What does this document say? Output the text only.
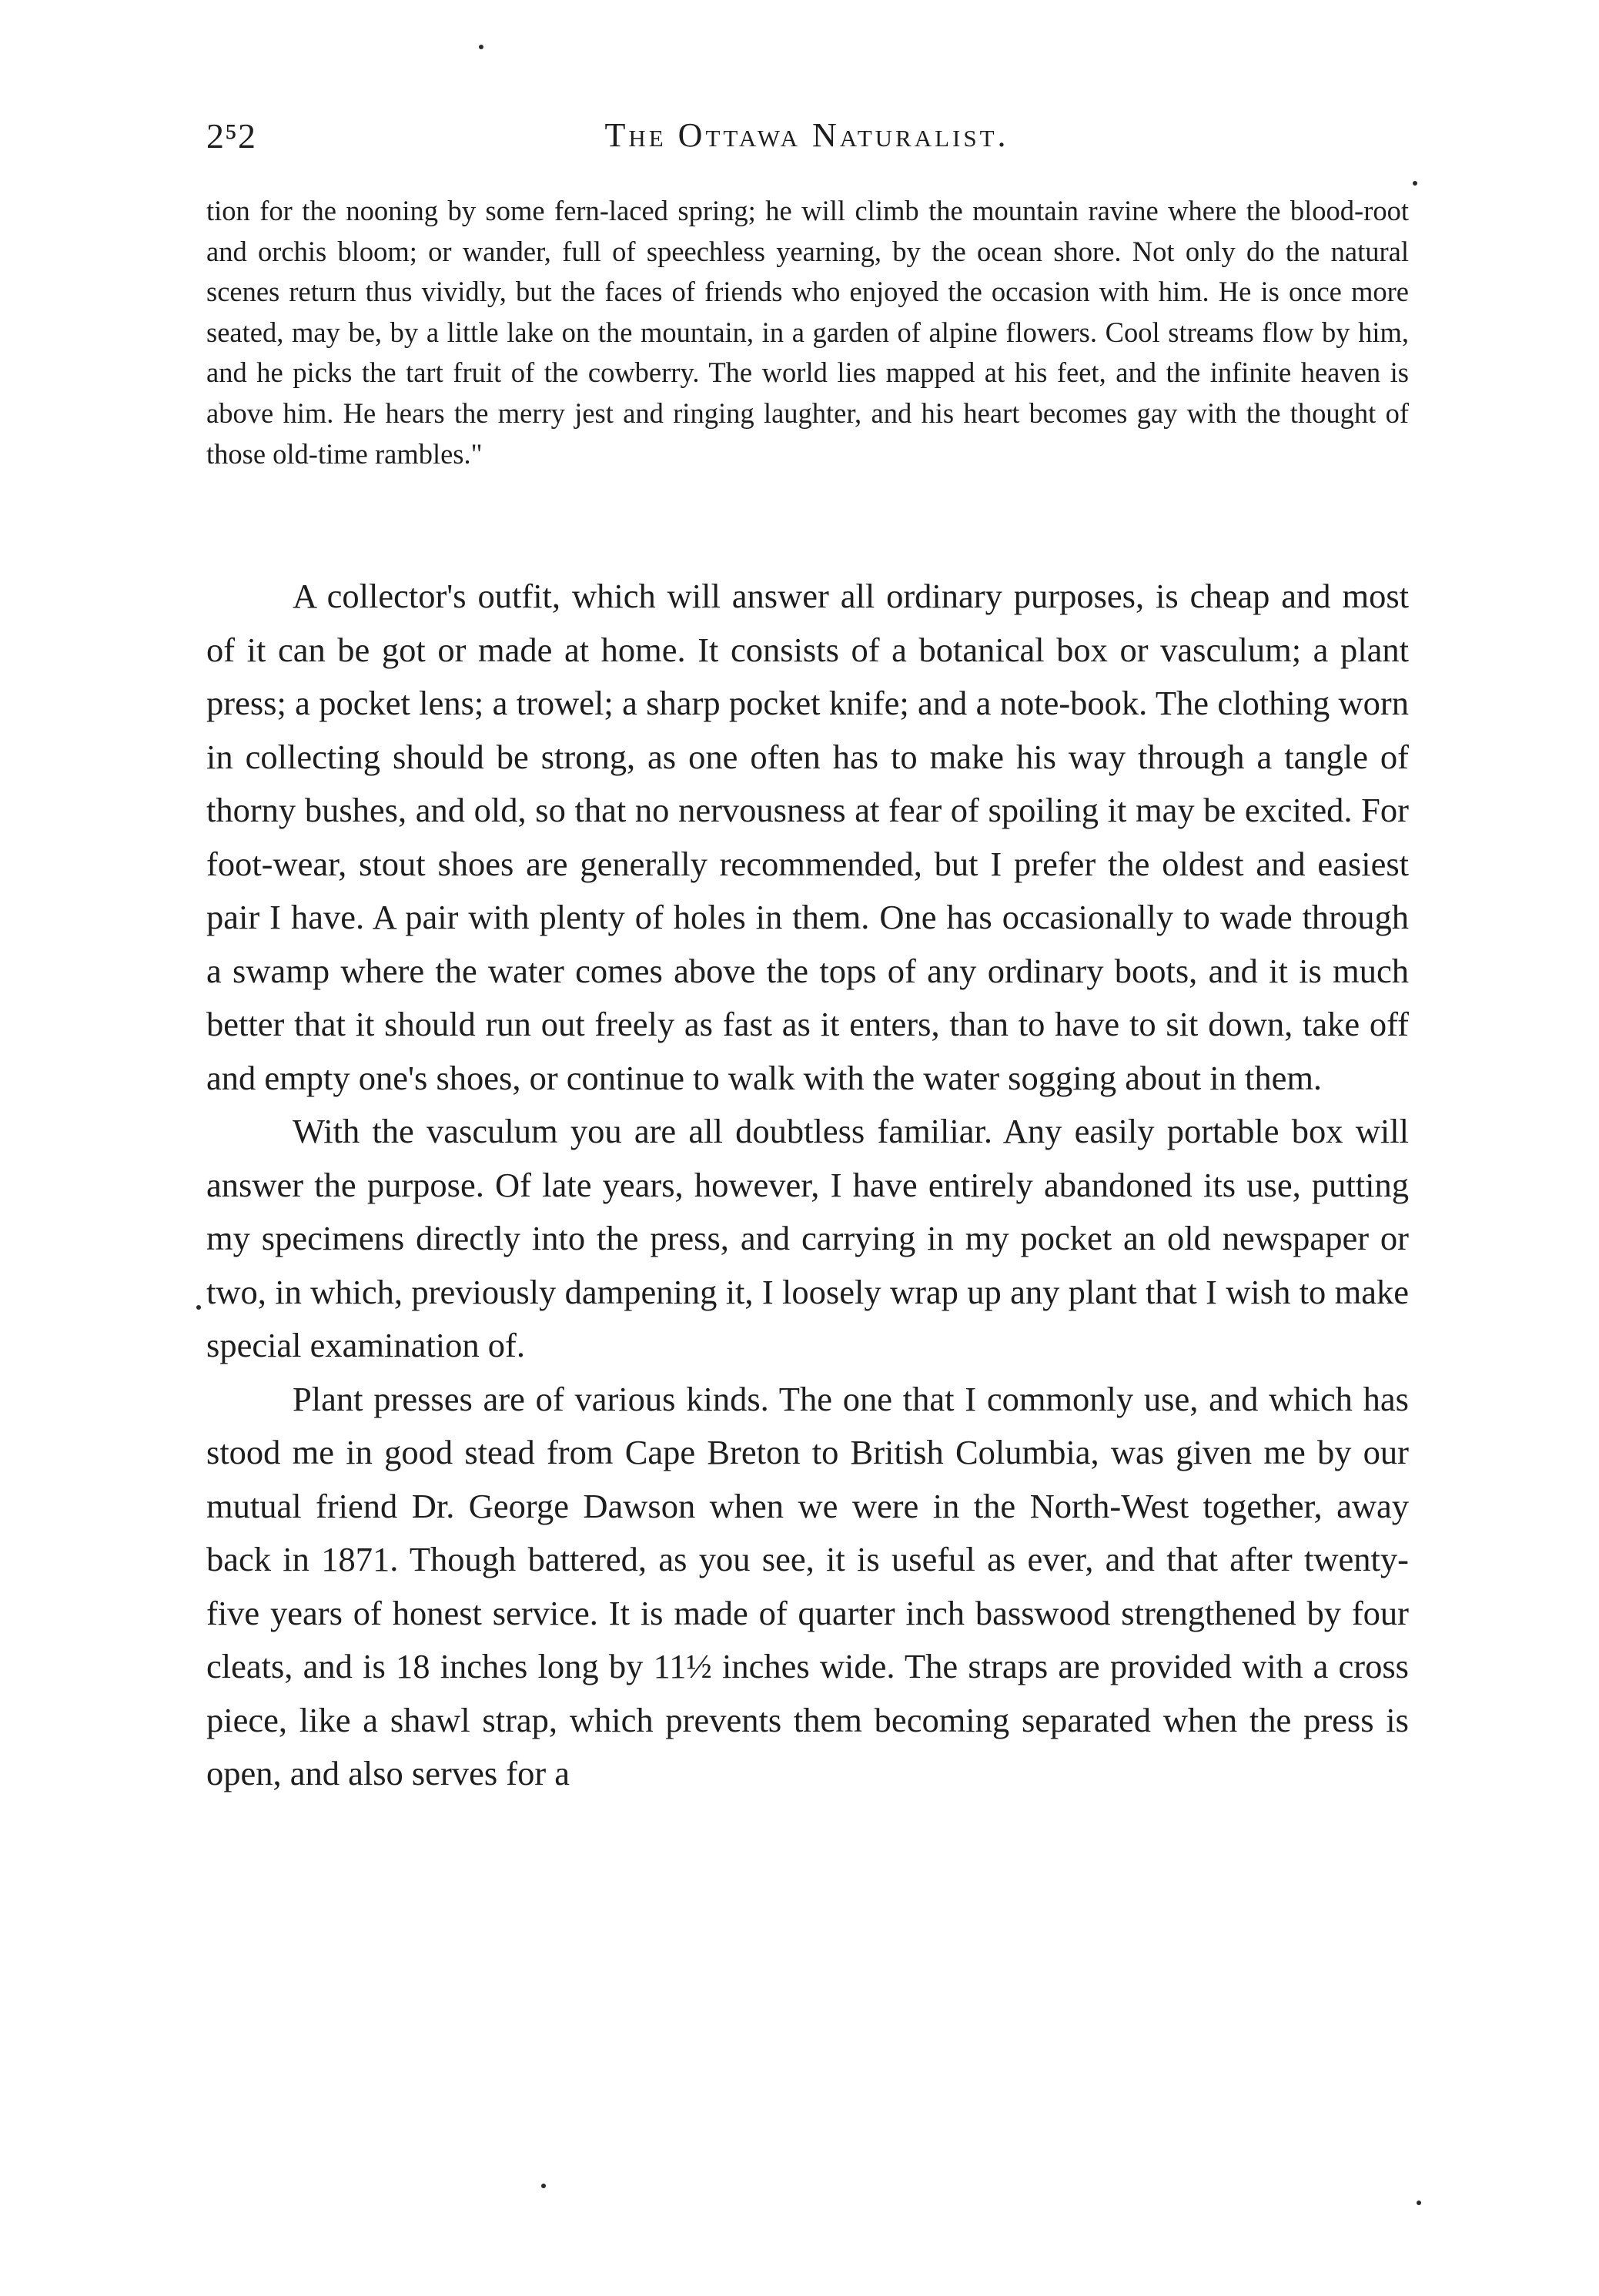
2⁵2	The Ottawa Naturalist.

tion for the nooning by some fern-laced spring; he will climb the mountain ravine where the blood-root and orchis bloom; or wander, full of speechless yearning, by the ocean shore. Not only do the natural scenes return thus vividly, but the faces of friends who enjoyed the occasion with him. He is once more seated, may be, by a little lake on the mountain, in a garden of alpine flowers. Cool streams flow by him, and he picks the tart fruit of the cowberry. The world lies mapped at his feet, and the infinite heaven is above him. He hears the merry jest and ringing laughter, and his heart becomes gay with the thought of those old-time rambles."

A collector's outfit, which will answer all ordinary purposes, is cheap and most of it can be got or made at home. It consists of a botanical box or vasculum; a plant press; a pocket lens; a trowel; a sharp pocket knife; and a note-book. The clothing worn in collecting should be strong, as one often has to make his way through a tangle of thorny bushes, and old, so that no nervousness at fear of spoiling it may be excited. For foot-wear, stout shoes are generally recommended, but I prefer the oldest and easiest pair I have. A pair with plenty of holes in them. One has occasionally to wade through a swamp where the water comes above the tops of any ordinary boots, and it is much better that it should run out freely as fast as it enters, than to have to sit down, take off and empty one's shoes, or continue to walk with the water sogging about in them.

With the vasculum you are all doubtless familiar. Any easily portable box will answer the purpose. Of late years, however, I have entirely abandoned its use, putting my specimens directly into the press, and carrying in my pocket an old newspaper or two, in which, previously dampening it, I loosely wrap up any plant that I wish to make special examination of.

Plant presses are of various kinds. The one that I commonly use, and which has stood me in good stead from Cape Breton to British Columbia, was given me by our mutual friend Dr. George Dawson when we were in the North-West together, away back in 1871. Though battered, as you see, it is useful as ever, and that after twenty-five years of honest service. It is made of quarter inch basswood strengthened by four cleats, and is 18 inches long by 11½ inches wide. The straps are provided with a cross piece, like a shawl strap, which prevents them becoming separated when the press is open, and also serves for a
